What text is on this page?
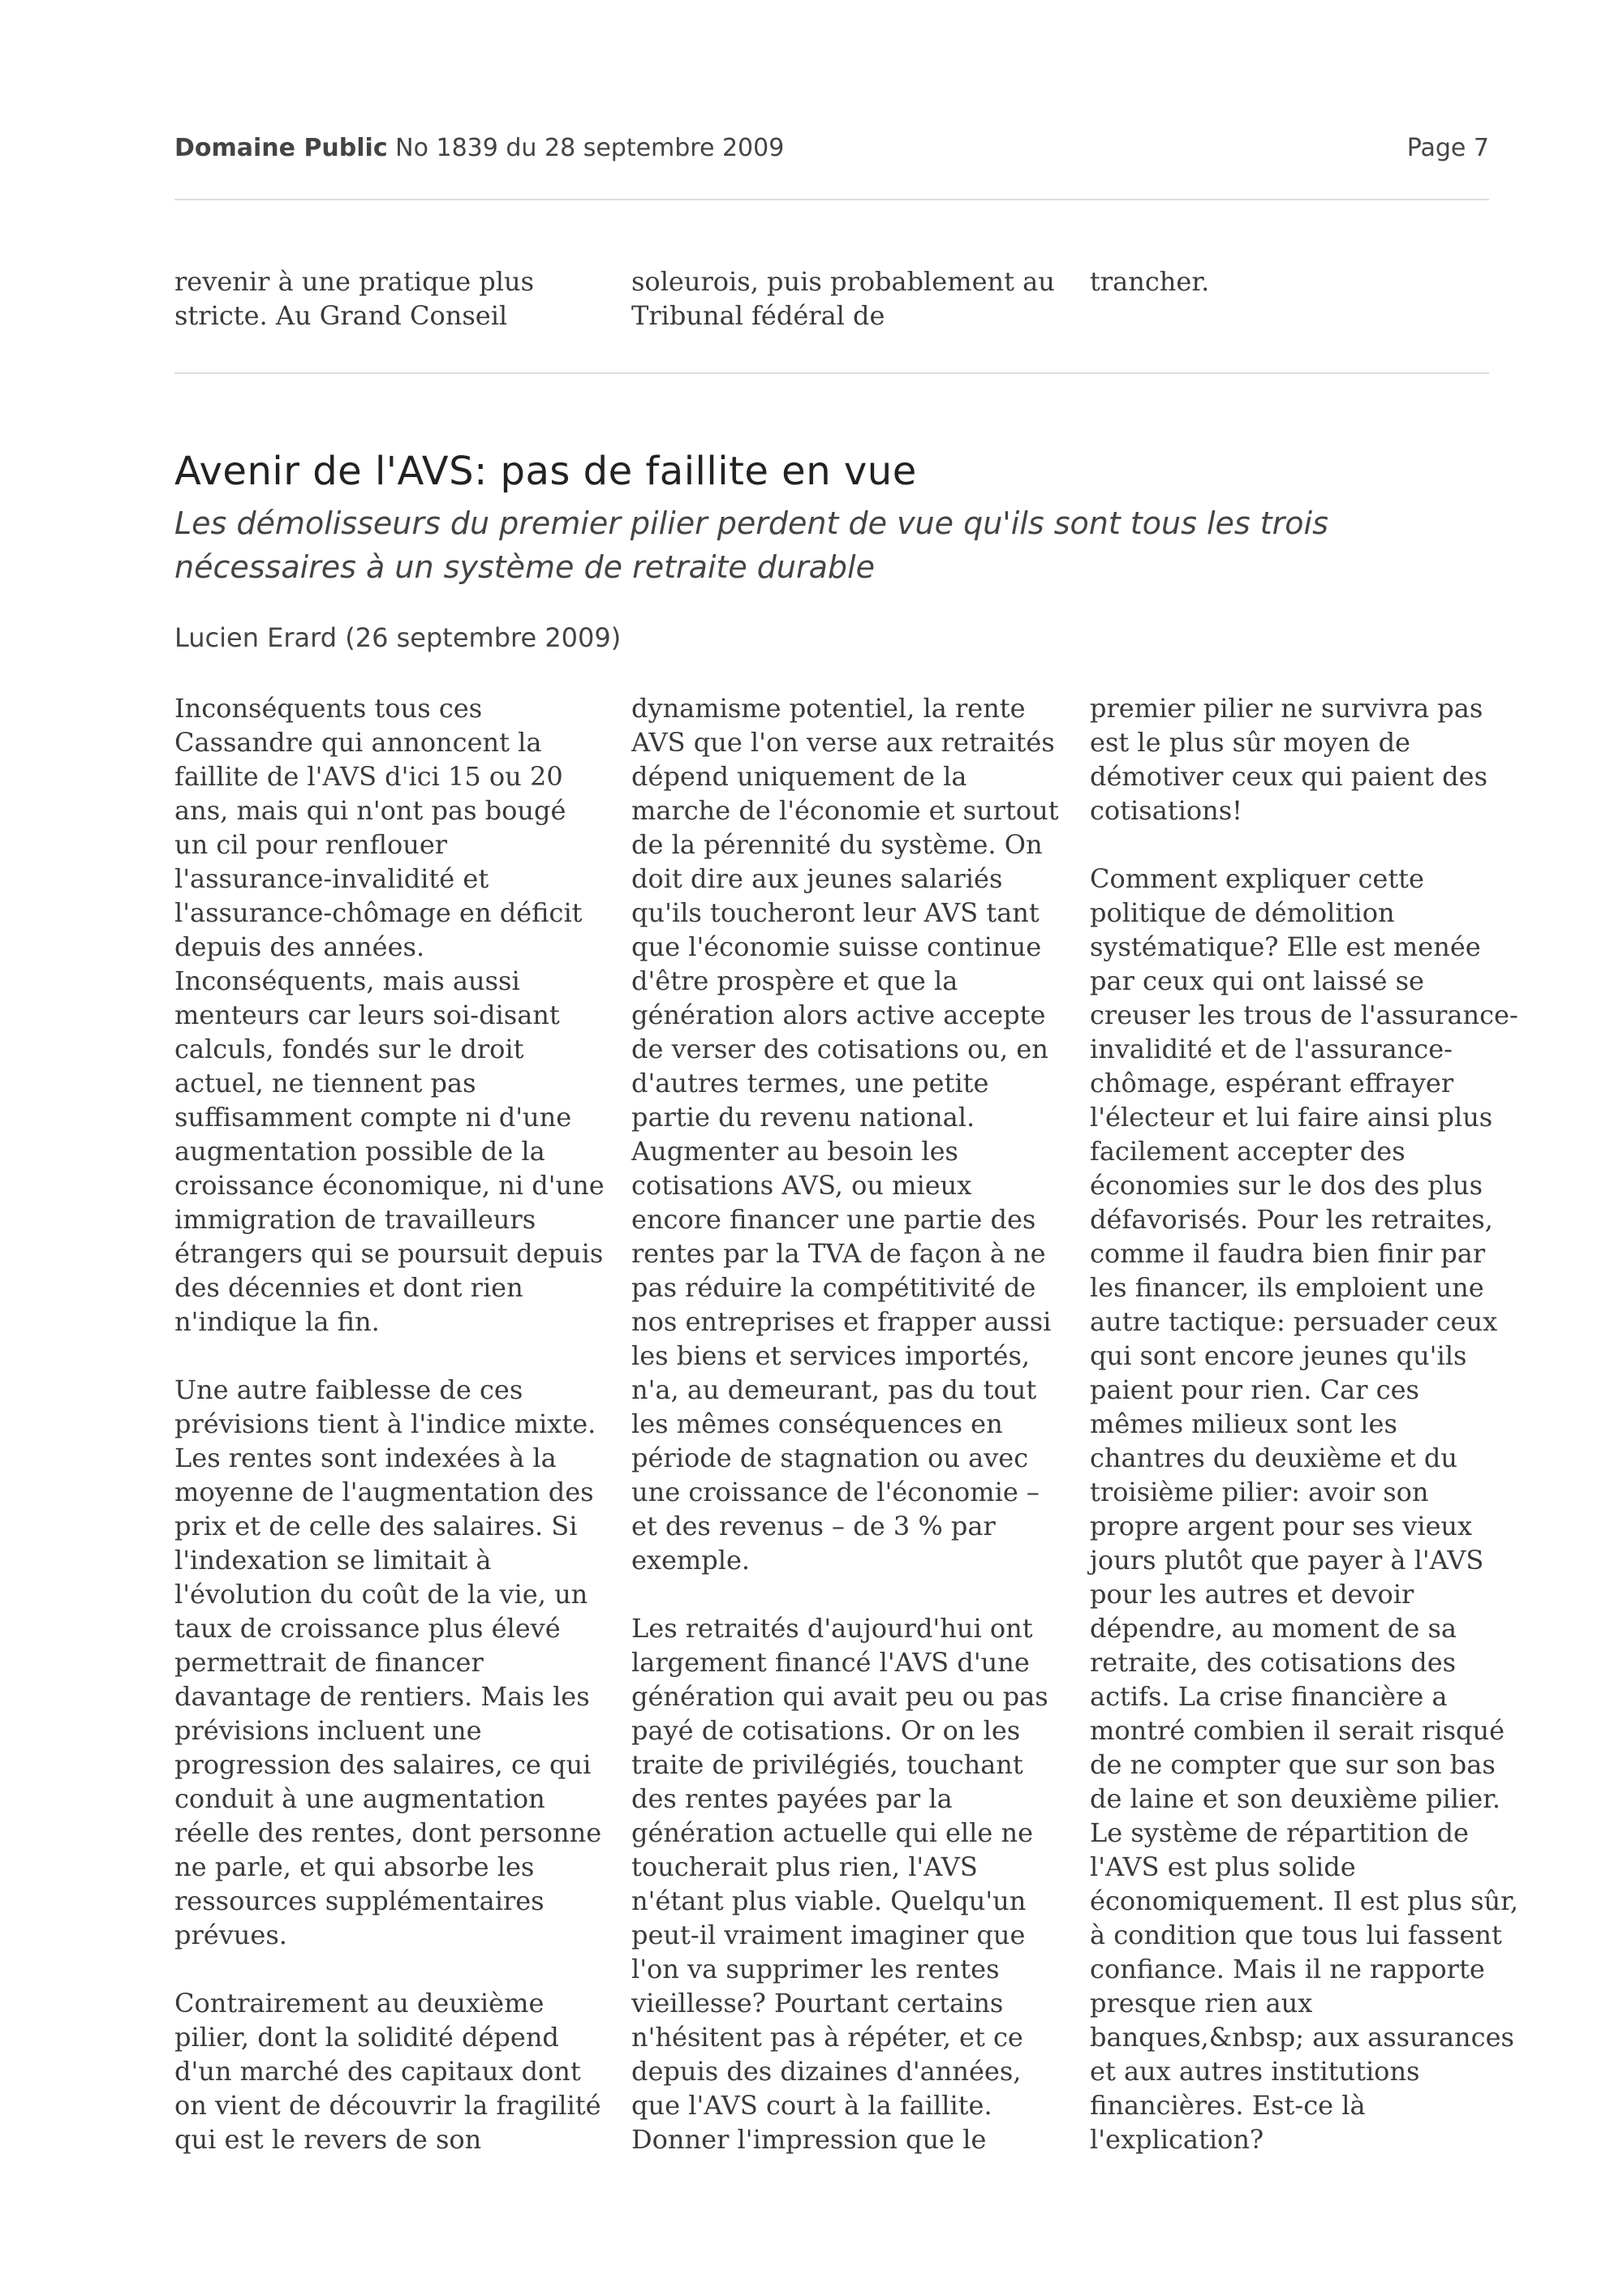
Domaine Public No 1839 du 28 septembre 2009	Page 7

revenir à une pratique plus stricte. Au Grand Conseil

soleurois, puis probablement au Tribunal fédéral de

trancher.

Avenir de l'AVS: pas de faillite en vue

Les démolisseurs du premier pilier perdent de vue qu'ils sont tous les trois nécessaires à un système de retraite durable

Lucien Erard (26 septembre 2009)

Inconséquents tous ces Cassandre qui annoncent la faillite de l'AVS d'ici 15 ou 20 ans, mais qui n'ont pas bougé un cil pour renflouer l'assurance-invalidité et l'assurance-chômage en déficit depuis des années. Inconséquents, mais aussi menteurs car leurs soi-disant calculs, fondés sur le droit actuel, ne tiennent pas suffisamment compte ni d'une augmentation possible de la croissance économique, ni d'une immigration de travailleurs étrangers qui se poursuit depuis des décennies et dont rien n'indique la fin.

Une autre faiblesse de ces prévisions tient à l'indice mixte. Les rentes sont indexées à la moyenne de l'augmentation des prix et de celle des salaires. Si l'indexation se limitait à l'évolution du coût de la vie, un taux de croissance plus élevé permettrait de financer davantage de rentiers. Mais les prévisions incluent une progression des salaires, ce qui conduit à une augmentation réelle des rentes, dont personne ne parle, et qui absorbe les ressources supplémentaires prévues.

Contrairement au deuxième pilier, dont la solidité dépend d'un marché des capitaux dont on vient de découvrir la fragilité qui est le revers de son

dynamisme potentiel, la rente AVS que l'on verse aux retraités dépend uniquement de la marche de l'économie et surtout de la pérennité du système. On doit dire aux jeunes salariés qu'ils toucheront leur AVS tant que l'économie suisse continue d'être prospère et que la génération alors active accepte de verser des cotisations ou, en d'autres termes, une petite partie du revenu national. Augmenter au besoin les cotisations AVS, ou mieux encore financer une partie des rentes par la TVA de façon à ne pas réduire la compétitivité de nos entreprises et frapper aussi les biens et services importés, n'a, au demeurant, pas du tout les mêmes conséquences en période de stagnation ou avec une croissance de l'économie – et des revenus – de 3 % par exemple.

Les retraités d'aujourd'hui ont largement financé l'AVS d'une génération qui avait peu ou pas payé de cotisations. Or on les traite de privilégiés, touchant des rentes payées par la génération actuelle qui elle ne toucherait plus rien, l'AVS n'étant plus viable. Quelqu'un peut-il vraiment imaginer que l'on va supprimer les rentes vieillesse? Pourtant certains n'hésitent pas à répéter, et ce depuis des dizaines d'années, que l'AVS court à la faillite. Donner l'impression que le

premier pilier ne survivra pas est le plus sûr moyen de démotiver ceux qui paient des cotisations!

Comment expliquer cette politique de démolition systématique? Elle est menée par ceux qui ont laissé se creuser les trous de l'assurance-invalidité et de l'assurance-chômage, espérant effrayer l'électeur et lui faire ainsi plus facilement accepter des économies sur le dos des plus défavorisés. Pour les retraites, comme il faudra bien finir par les financer, ils emploient une autre tactique: persuader ceux qui sont encore jeunes qu'ils paient pour rien. Car ces mêmes milieux sont les chantres du deuxième et du troisième pilier: avoir son propre argent pour ses vieux jours plutôt que payer à l'AVS pour les autres et devoir dépendre, au moment de sa retraite, des cotisations des actifs. La crise financière a montré combien il serait risqué de ne compter que sur son bas de laine et son deuxième pilier. Le système de répartition de l'AVS est plus solide économiquement. Il est plus sûr, à condition que tous lui fassent confiance. Mais il ne rapporte presque rien aux banques,&nbsp; aux assurances et aux autres institutions financières. Est-ce là l'explication?
